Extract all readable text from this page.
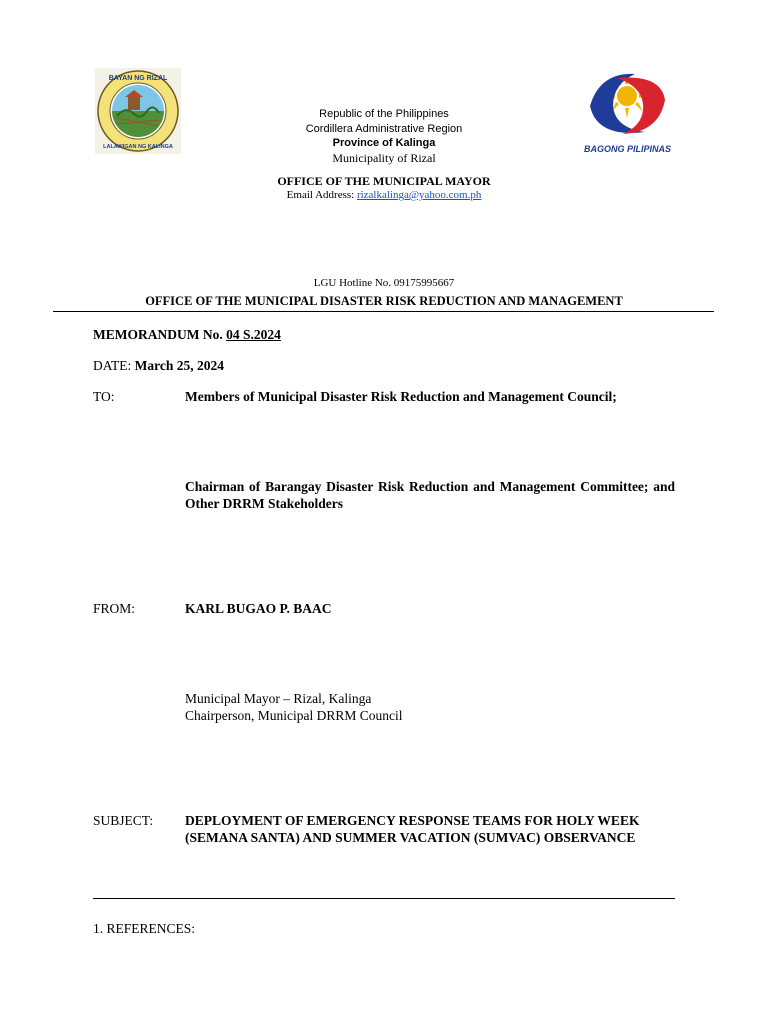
BAYAN NG RIZAL
LALAWIGAN NG KALINGA	BAGONG PILIPINAS
Republic of the Philippines
Cordillera Administrative Region
Province of Kalinga
Municipality of Rizal
OFFICE OF THE MUNICIPAL MAYOR
Email Address: rizalkalinga@yahoo.com.ph
LGU Hotline No. 09175995667
OFFICE OF THE MUNICIPAL DISASTER RISK REDUCTION AND MANAGEMENT
MEMORANDUM No. 04 S.2024
DATE: March 25, 2024
TO:	Members of Municipal Disaster Risk Reduction and Management Council;
Chairman of Barangay Disaster Risk Reduction and Management Committee; and Other DRRM Stakeholders
FROM:	KARL BUGAO P. BAAC
Municipal Mayor – Rizal, Kalinga
Chairperson, Municipal DRRM Council
SUBJECT: DEPLOYMENT OF EMERGENCY RESPONSE TEAMS FOR HOLY WEEK (SEMANA SANTA) AND SUMMER VACATION (SUMVAC) OBSERVANCE
1. REFERENCES:
